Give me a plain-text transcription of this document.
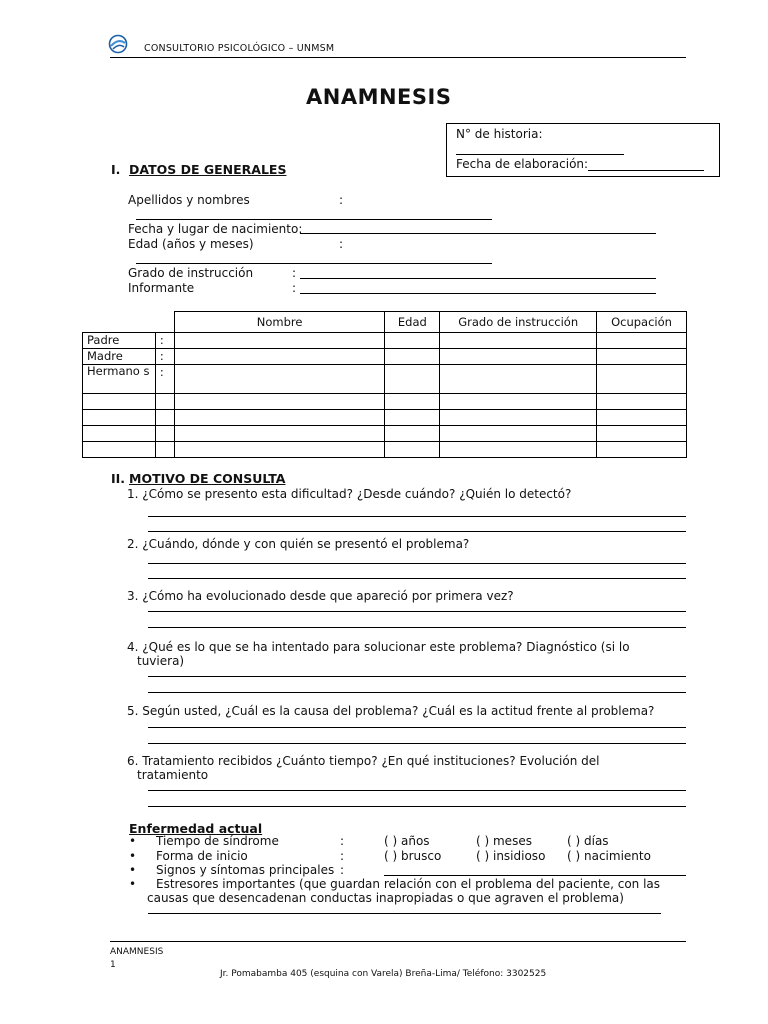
CONSULTORIO PSICOLÓGICO – UNMSM
ANAMNESIS
N° de historia:
Fecha de elaboración:
I. DATOS DE GENERALES
Apellidos y nombres	:
Fecha y lugar de nacimiento:
Edad (años y meses)	:
Grado de instrucción	:
Informante	:
		Nombre	Edad	Grado de instrucción	Ocupación
Padre	:				
Madre	:				
Hermano s	:				

II. MOTIVO DE CONSULTA
1. ¿Cómo se presento esta dificultad? ¿Desde cuándo? ¿Quién lo detectó?
2. ¿Cuándo, dónde y con quién se presentó el problema?
3. ¿Cómo ha evolucionado desde que apareció por primera vez?
4. ¿Qué es lo que se ha intentado para solucionar este problema? Diagnóstico (si lo
tuviera)
5. Según usted, ¿Cuál es la causa del problema? ¿Cuál es la actitud frente al problema?
6. Tratamiento recibidos ¿Cuánto tiempo? ¿En qué instituciones? Evolución del
tratamiento
Enfermedad actual
• Tiempo de síndrome	:	( ) años	( ) meses	( ) días
• Forma de inicio	:	( ) brusco	( ) insidioso ( ) nacimiento
• Signos y síntomas principales :
• Estresores importantes (que guardan relación con el problema del paciente, con las
causas que desencadenan conductas inapropiadas o que agraven el problema)
ANAMNESIS
1
Jr. Pomabamba 405 (esquina con Varela) Breña-Lima/ Teléfono: 3302525
